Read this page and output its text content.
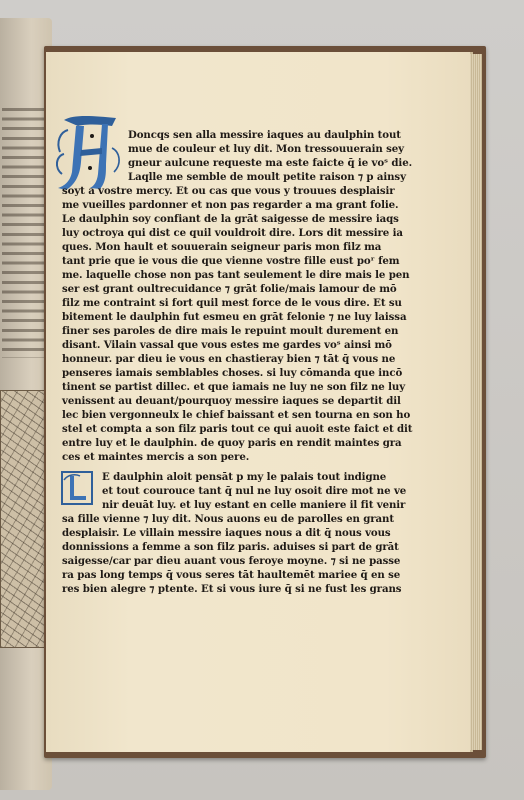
Doncqs sen alla messire iaques au daulphin tout
mue de couleur et luy dit. Mon tressouuerain sey
gneur aulcune requeste ma este faicte q̄ ie voˢ die.
Laqlle me semble de moult petite raison ⁊ p ainsy
soyt a vostre mercy. Et ou cas que vous y trouues desplaisir
me vueilles pardonner et non pas regarder a ma grant folie.
Le daulphin soy confiant de la grāt saigesse de messire iaqs
luy octroya qui dist ce quil vouldroit dire. Lors dit messire ia
ques. Mon hault et souuerain seigneur paris mon filz ma
tant prie que ie vous die que vienne vostre fille eust poʳ fem
me. laquelle chose non pas tant seulement le dire mais le pen
ser est grant oultrecuidance ⁊ grāt folie/mais lamour de mō
filz me contraint si fort quil mest force de le vous dire. Et su
bitement le daulphin fut esmeu en grāt felonie ⁊ ne luy laissa
finer ses paroles de dire mais le repuint moult durement en
disant. Vilain vassal que vous estes me gardes voˢ ainsi mō
honneur. par dieu ie vous en chastieray bien ⁊ tāt q̄ vous ne
penseres iamais semblables choses. si luy cōmanda que incō
tinent se partist dillec. et que iamais ne luy ne son filz ne luy
venissent au deuant/pourquoy messire iaques se departit dil
lec bien vergonneulx le chief baissant et sen tourna en son ho
stel et compta a son filz paris tout ce qui auoit este faict et dit
entre luy et le daulphin. de quoy paris en rendit maintes gra
ces et maintes mercis a son pere.
E daulphin aloit pensāt p my le palais tout indigne
et tout courouce tant q̄ nul ne luy osoit dire mot ne ve
nir deuāt luy. et luy estant en celle maniere il fit venir
sa fille vienne ⁊ luy dit. Nous auons eu de parolles en grant
desplaisir. Le villain messire iaques nous a dit q̄ nous vous
donnissions a femme a son filz paris. aduises si part de grāt
saigesse/car par dieu auant vous feroye moyne. ⁊ si ne passe
ra pas long temps q̄ vous seres tāt haultemēt mariee q̄ en se
res bien alegre ⁊ ptente. Et si vous iure q̄ si ne fust les grans
